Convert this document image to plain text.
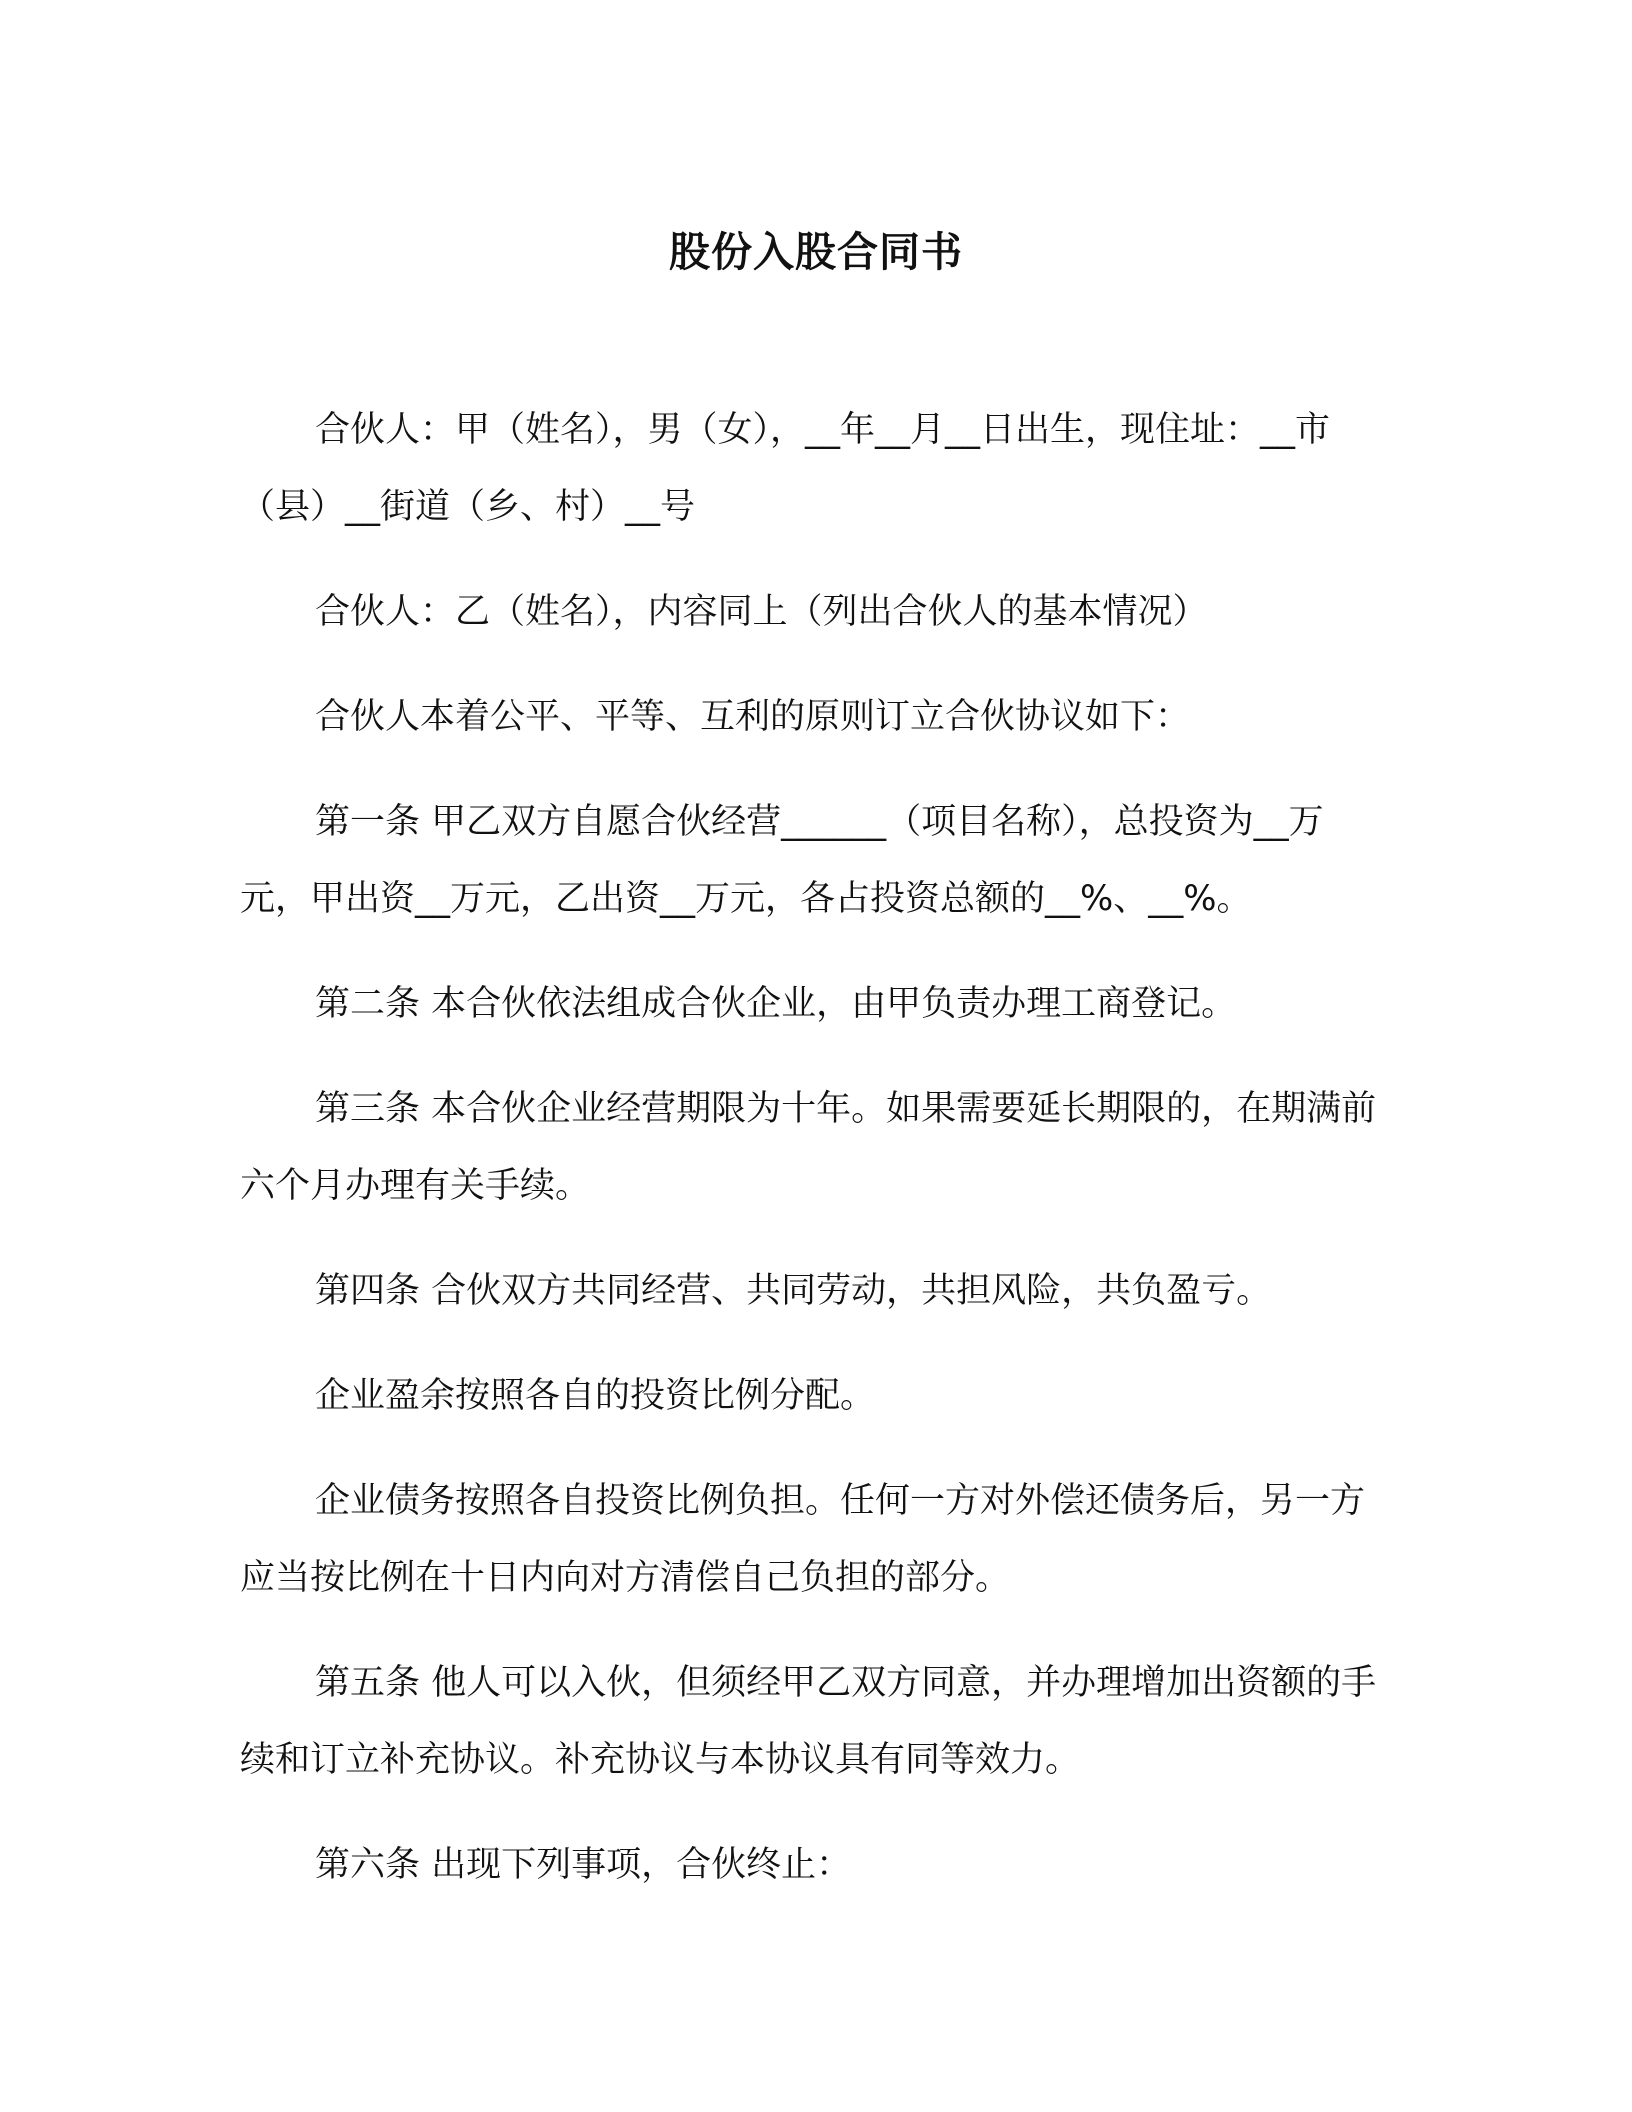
股份入股合同书

合伙人：甲（姓名），男（女），__年__月__日出生，现住址：__市（县）__街道（乡、村）__号

合伙人：乙（姓名），内容同上（列出合伙人的基本情况）

合伙人本着公平、平等、互利的原则订立合伙协议如下：

第一条 甲乙双方自愿合伙经营______（项目名称），总投资为__万元，甲出资__万元，乙出资__万元，各占投资总额的__%、__%。

第二条 本合伙依法组成合伙企业，由甲负责办理工商登记。

第三条 本合伙企业经营期限为十年。如果需要延长期限的，在期满前六个月办理有关手续。

第四条 合伙双方共同经营、共同劳动，共担风险，共负盈亏。

企业盈余按照各自的投资比例分配。

企业债务按照各自投资比例负担。任何一方对外偿还债务后，另一方应当按比例在十日内向对方清偿自己负担的部分。

第五条 他人可以入伙，但须经甲乙双方同意，并办理增加出资额的手续和订立补充协议。补充协议与本协议具有同等效力。

第六条 出现下列事项，合伙终止：
